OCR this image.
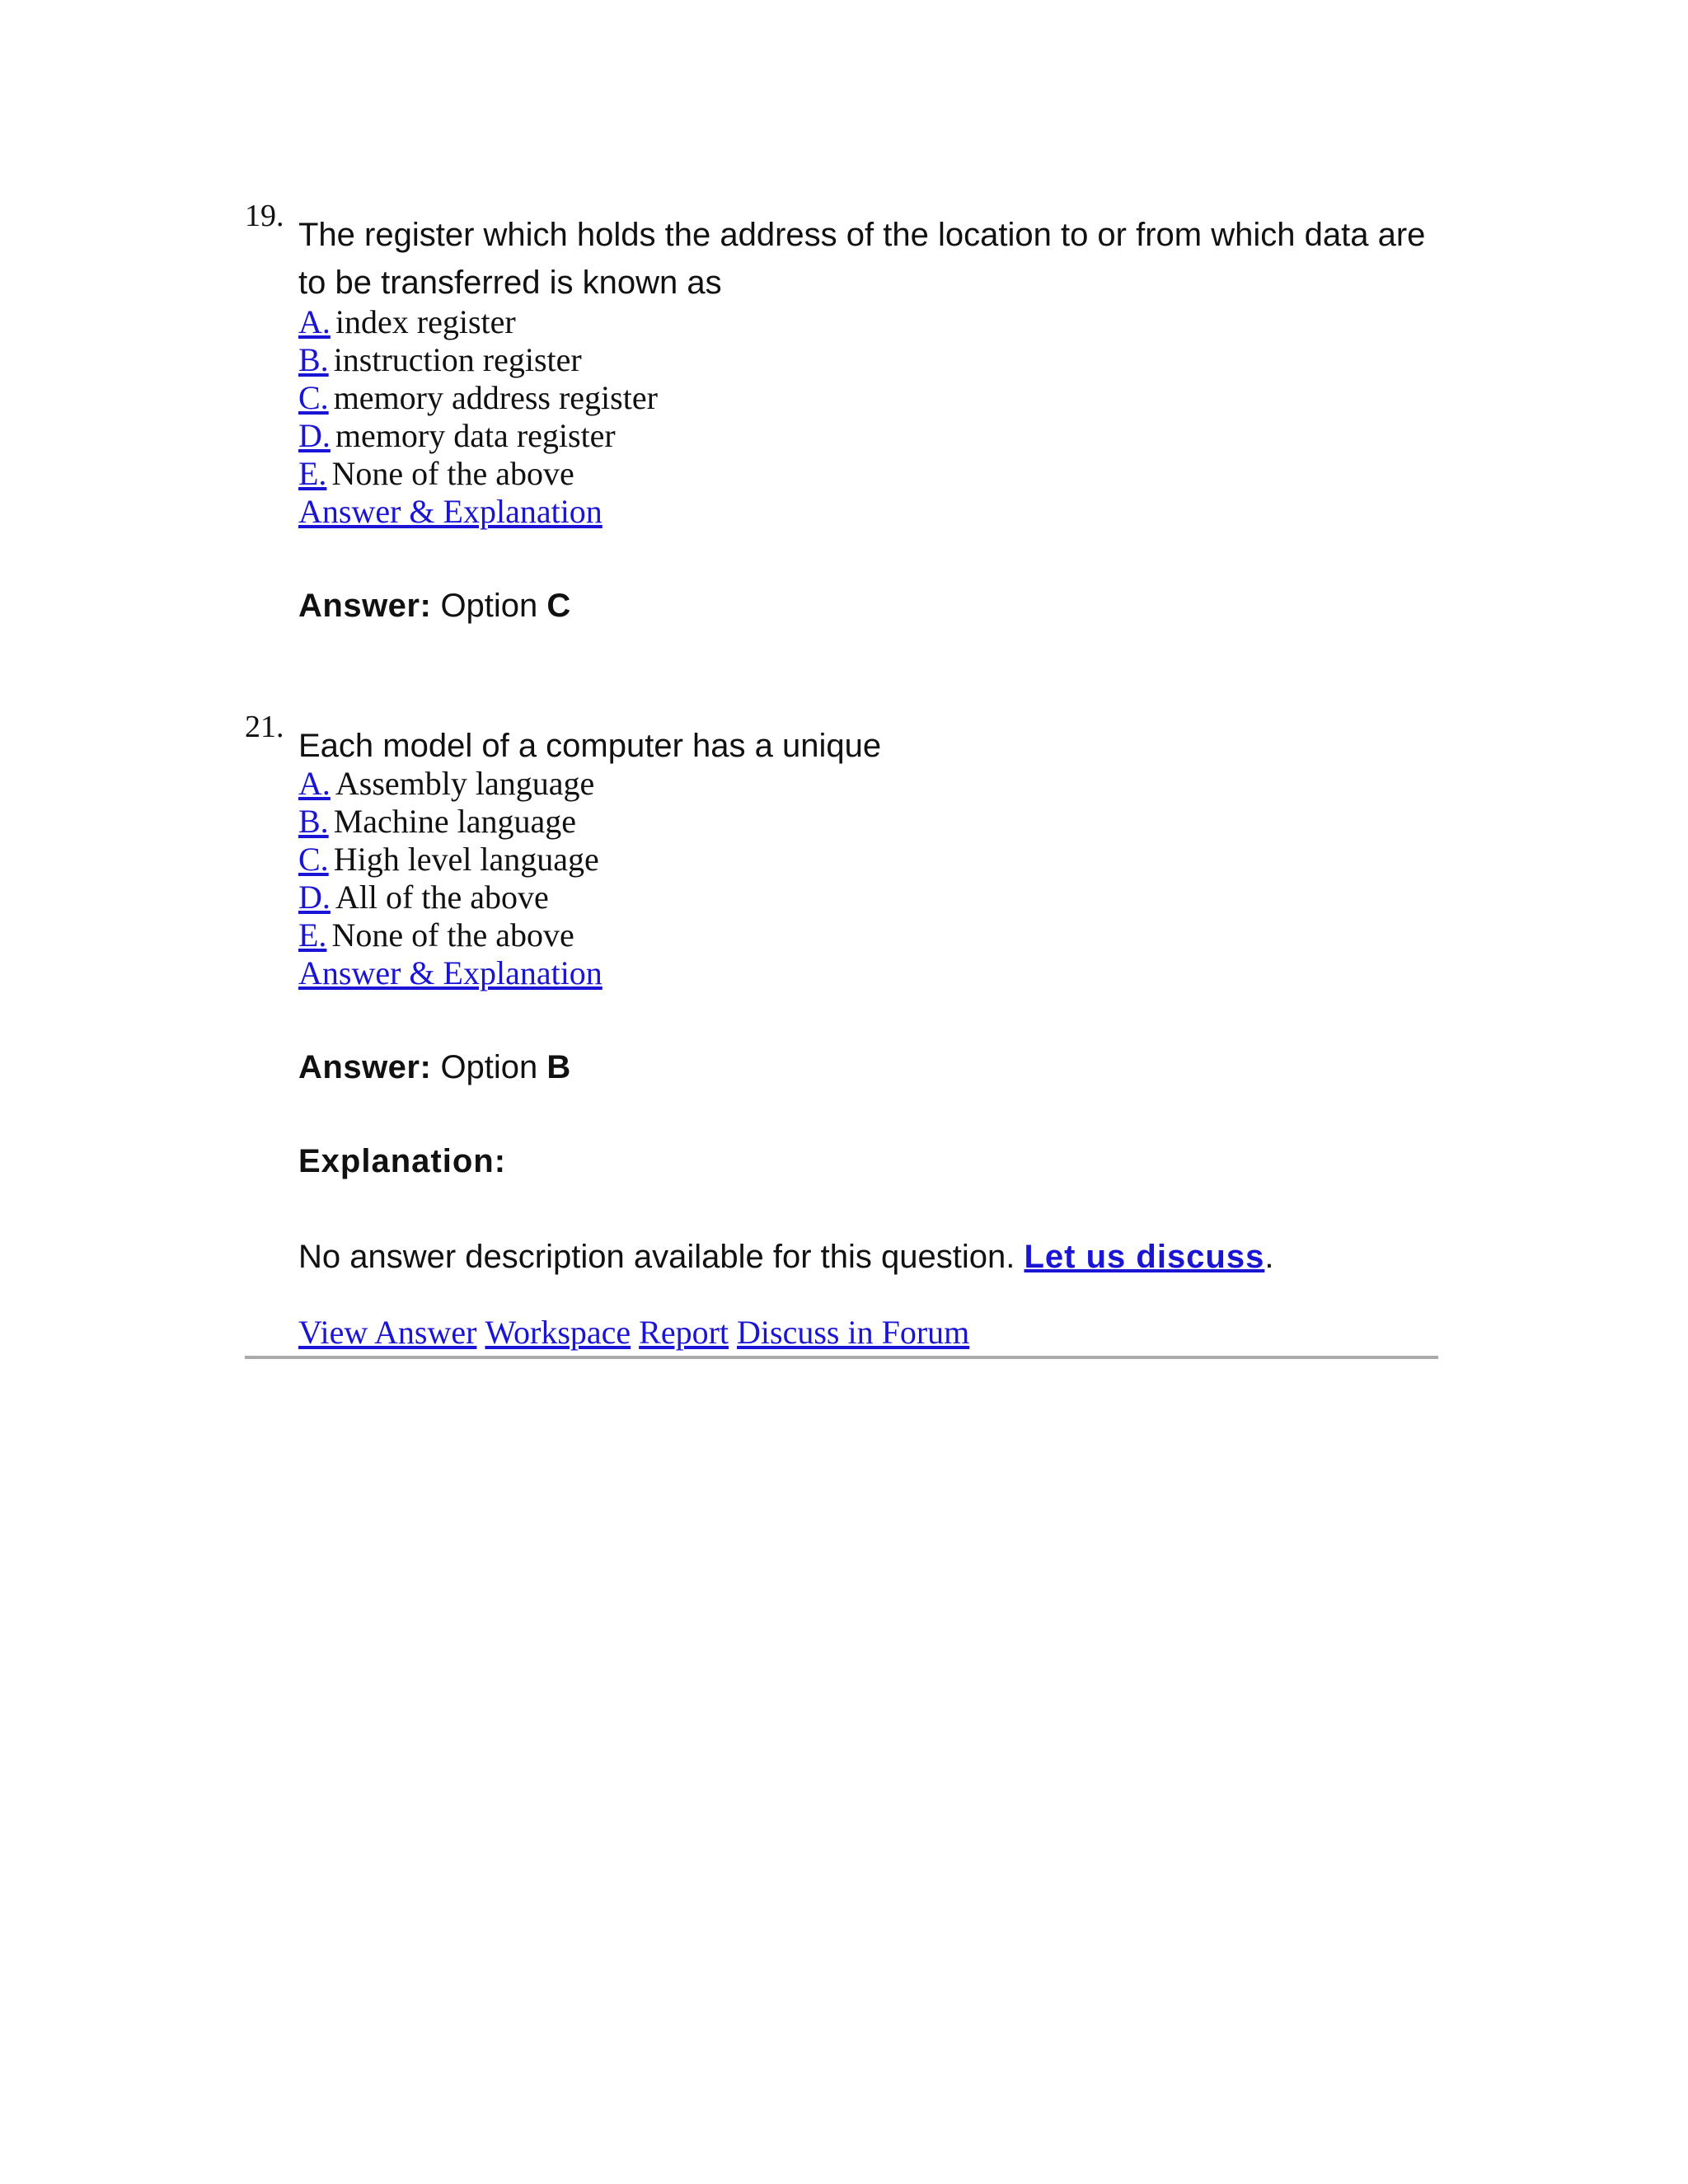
19.
The register which holds the address of the location to or from which data are
to be transferred is known as
A. index register
B. instruction register
C. memory address register
D. memory data register
E. None of the above
Answer & Explanation
Answer: Option C
21.
Each model of a computer has a unique
A. Assembly language
B. Machine language
C. High level language
D. All of the above
E. None of the above
Answer & Explanation
Answer: Option B
Explanation:
No answer description available for this question. Let us discuss.
View Answer Workspace Report Discuss in Forum
